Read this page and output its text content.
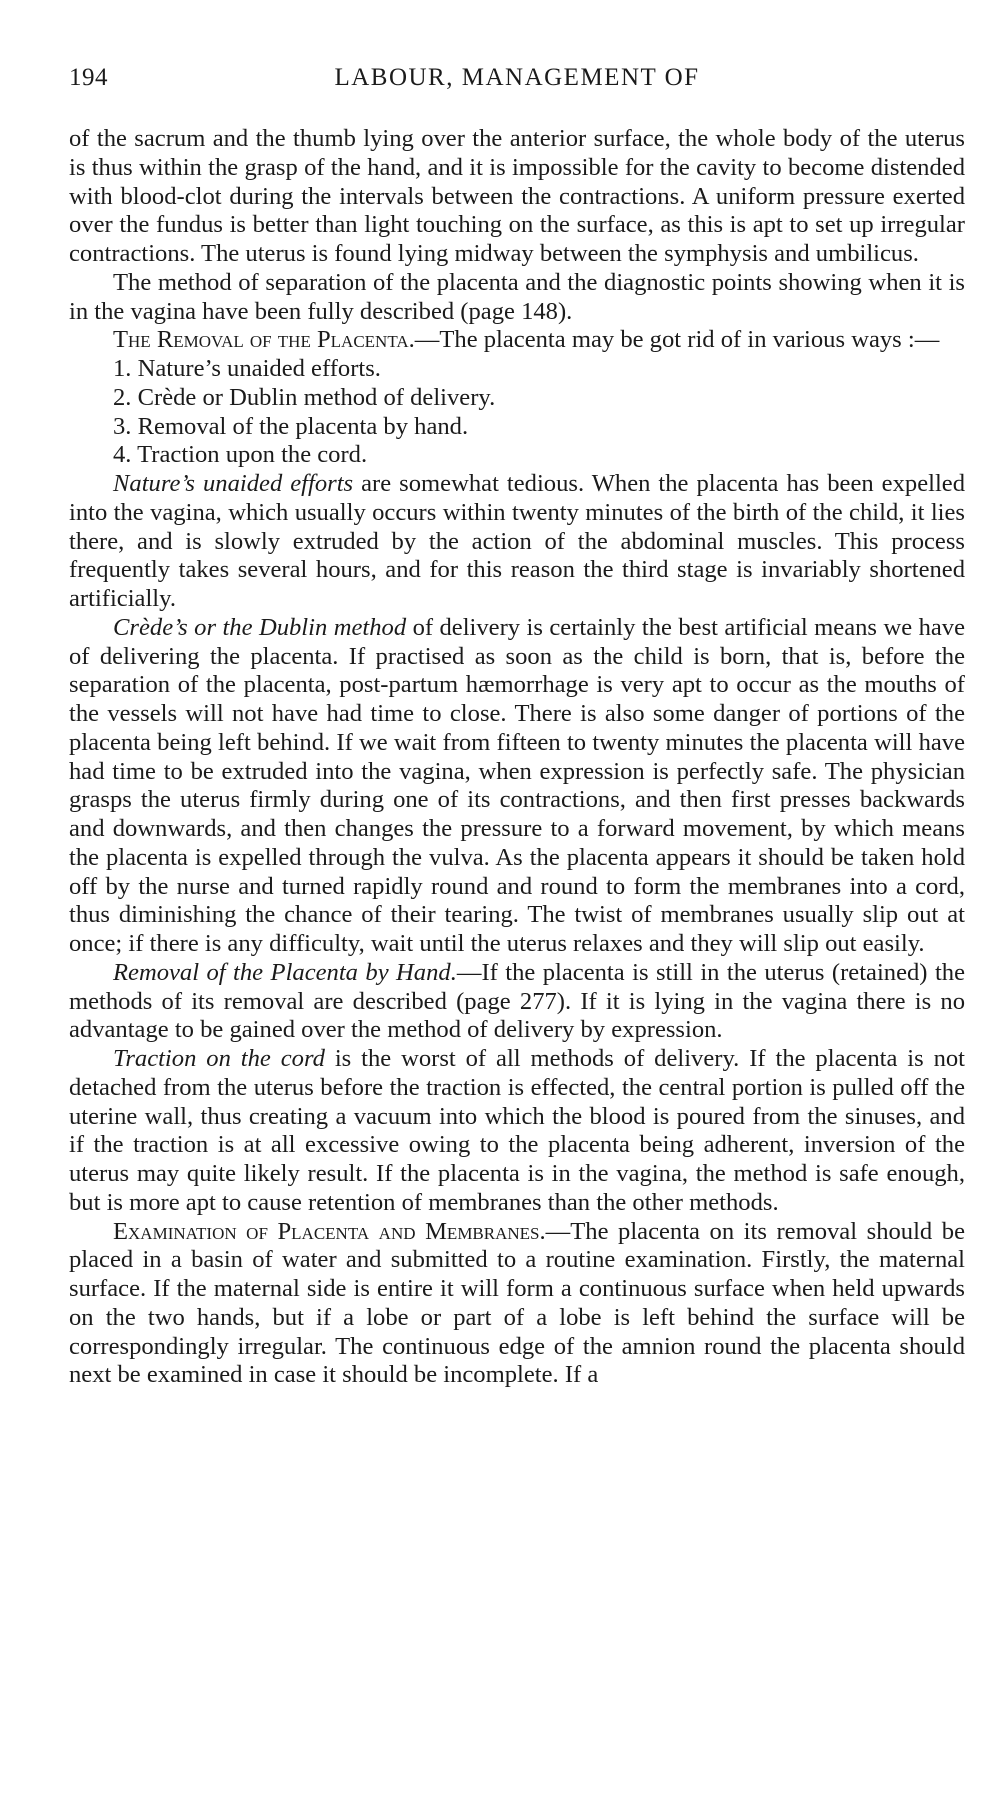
194	LABOUR, MANAGEMENT OF

of the sacrum and the thumb lying over the anterior surface, the whole body of the uterus is thus within the grasp of the hand, and it is impossible for the cavity to become distended with blood-clot during the intervals between the contractions. A uniform pressure exerted over the fundus is better than light touching on the surface, as this is apt to set up irregular contractions. The uterus is found lying midway between the symphysis and umbilicus.

The method of separation of the placenta and the diagnostic points showing when it is in the vagina have been fully described (page 148).

The Removal of the Placenta.—The placenta may be got rid of in various ways :—

1. Nature’s unaided efforts.

2. Crède or Dublin method of delivery.

3. Removal of the placenta by hand.

4. Traction upon the cord.

Nature’s unaided efforts are somewhat tedious. When the placenta has been expelled into the vagina, which usually occurs within twenty minutes of the birth of the child, it lies there, and is slowly extruded by the action of the abdominal muscles. This process frequently takes several hours, and for this reason the third stage is invariably shortened artificially.

Crède’s or the Dublin method of delivery is certainly the best artificial means we have of delivering the placenta. If practised as soon as the child is born, that is, before the separation of the placenta, post-partum hæmorrhage is very apt to occur as the mouths of the vessels will not have had time to close. There is also some danger of portions of the placenta being left behind. If we wait from fifteen to twenty minutes the placenta will have had time to be extruded into the vagina, when expression is perfectly safe. The physician grasps the uterus firmly during one of its contractions, and then first presses backwards and downwards, and then changes the pressure to a forward movement, by which means the placenta is expelled through the vulva. As the placenta appears it should be taken hold off by the nurse and turned rapidly round and round to form the membranes into a cord, thus diminishing the chance of their tearing. The twist of membranes usually slip out at once; if there is any difficulty, wait until the uterus relaxes and they will slip out easily.

Removal of the Placenta by Hand.—If the placenta is still in the uterus (retained) the methods of its removal are described (page 277). If it is lying in the vagina there is no advantage to be gained over the method of delivery by expression.

Traction on the cord is the worst of all methods of delivery. If the placenta is not detached from the uterus before the traction is effected, the central portion is pulled off the uterine wall, thus creating a vacuum into which the blood is poured from the sinuses, and if the traction is at all excessive owing to the placenta being adherent, inversion of the uterus may quite likely result. If the placenta is in the vagina, the method is safe enough, but is more apt to cause retention of membranes than the other methods.

Examination of Placenta and Membranes.—The placenta on its removal should be placed in a basin of water and submitted to a routine examination. Firstly, the maternal surface. If the maternal side is entire it will form a continuous surface when held upwards on the two hands, but if a lobe or part of a lobe is left behind the surface will be correspondingly irregular. The continuous edge of the amnion round the placenta should next be examined in case it should be incomplete. If a
